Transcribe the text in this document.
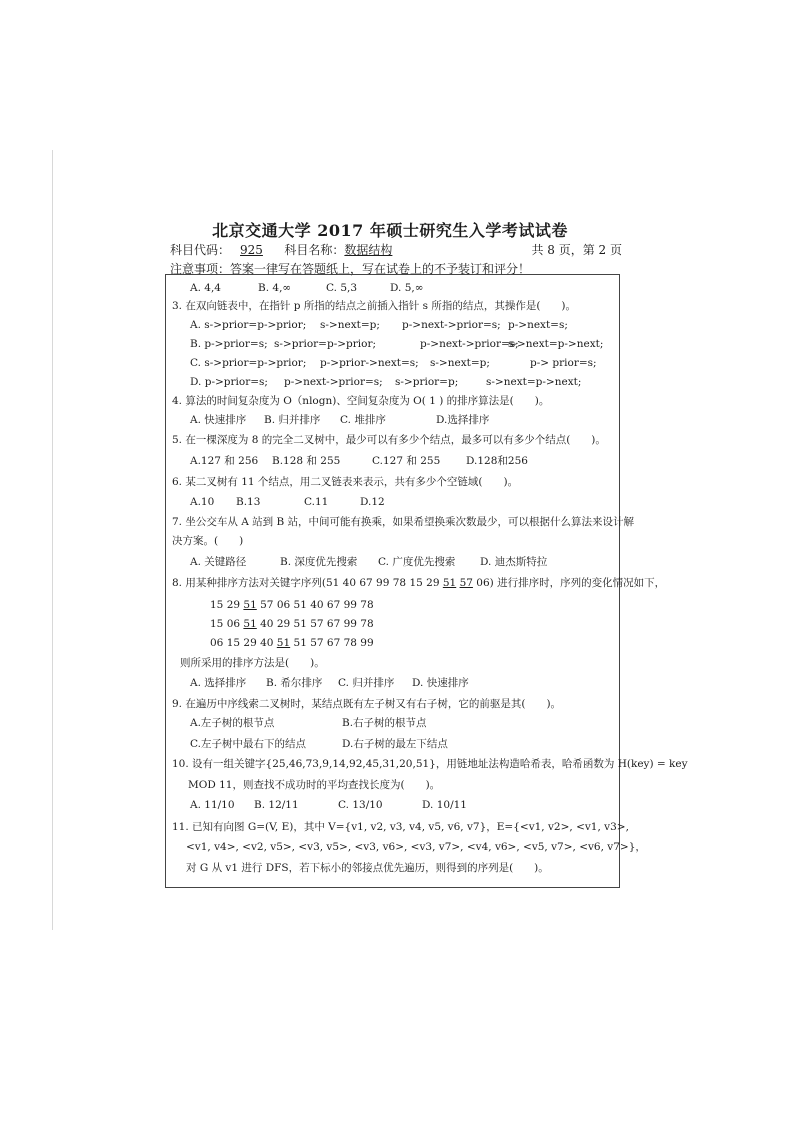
北京交通大学 2017 年硕士研究生入学考试试卷
科目代码： 925 科目名称：数据结构	共 8 页，第 2 页
注意事项：答案一律写在答题纸上，写在试卷上的不予装订和评分！
A. 4,4	B. 4,∞	C. 5,3	D. 5,∞
3. 在双向链表中，在指针 p 所指的结点之前插入指针 s 所指的结点，其操作是(　　)。
A. s->prior=p->prior; s->next=p; p->next->prior=s; p->next=s;
B. p->prior=s; s->prior=p->prior;	p->next->prior=s;
s->next=p->next;
C. s->prior=p->prior; p->prior->next=s; s->next=p;	p-> prior=s;
D. p->prior=s; p->next->prior=s; s->prior=p;	s->next=p->next;
4. 算法的时间复杂度为 O（nlogn)、空间复杂度为 O( 1 ) 的排序算法是(　　)。
A. 快速排序 B. 归并排序 C. 堆排序	D.选择排序
5. 在一棵深度为 8 的完全二叉树中，最少可以有多少个结点，最多可以有多少个结点(　　)。
A.127 和 256 B.128 和 255	C.127 和 255 D.128和256
6. 某二叉树有 11 个结点，用二叉链表来表示，共有多少个空链域(　　)。
A.10 B.13	C.11	D.12
7. 坐公交车从 A 站到 B 站，中间可能有换乘，如果希望换乘次数最少，可以根据什么算法来设计解
决方案。(　　)
A. 关键路径	B. 深度优先搜索 C. 广度优先搜索 D. 迪杰斯特拉
8. 用某种排序方法对关键字序列(51 40 67 99 78 15 29 51 57 06) 进行排序时，序列的变化情况如下，
15 29 51 57 06 51 40 67 99 78
15 06 51 40 29 51 57 67 99 78
06 15 29 40 51 51 57 67 78 99
则所采用的排序方法是(　　)。
A. 选择排序 B. 希尔排序 C. 归并排序 D. 快速排序
9. 在遍历中序线索二叉树时，某结点既有左子树又有右子树，它的前驱是其(　　)。
A.左子树的根节点	B.右子树的根节点
C.左子树中最右下的结点	D.右子树的最左下结点
10. 设有一组关键字{25,46,73,9,14,92,45,31,20,51}，用链地址法构造哈希表，哈希函数为 H(key) = key
MOD 11，则查找不成功时的平均查找长度为(　　)。
A. 11/10 B. 12/11	C. 13/10	D. 10/11
11. 已知有向图 G=(V, E)，其中 V={v1, v2, v3, v4, v5, v6, v7}，E={<v1, v2>, <v1, v3>,
<v1, v4>, <v2, v5>, <v3, v5>, <v3, v6>, <v3, v7>, <v4, v6>, <v5, v7>, <v6, v7>}，
对 G 从 v1 进行 DFS，若下标小的邻接点优先遍历，则得到的序列是(　　)。
